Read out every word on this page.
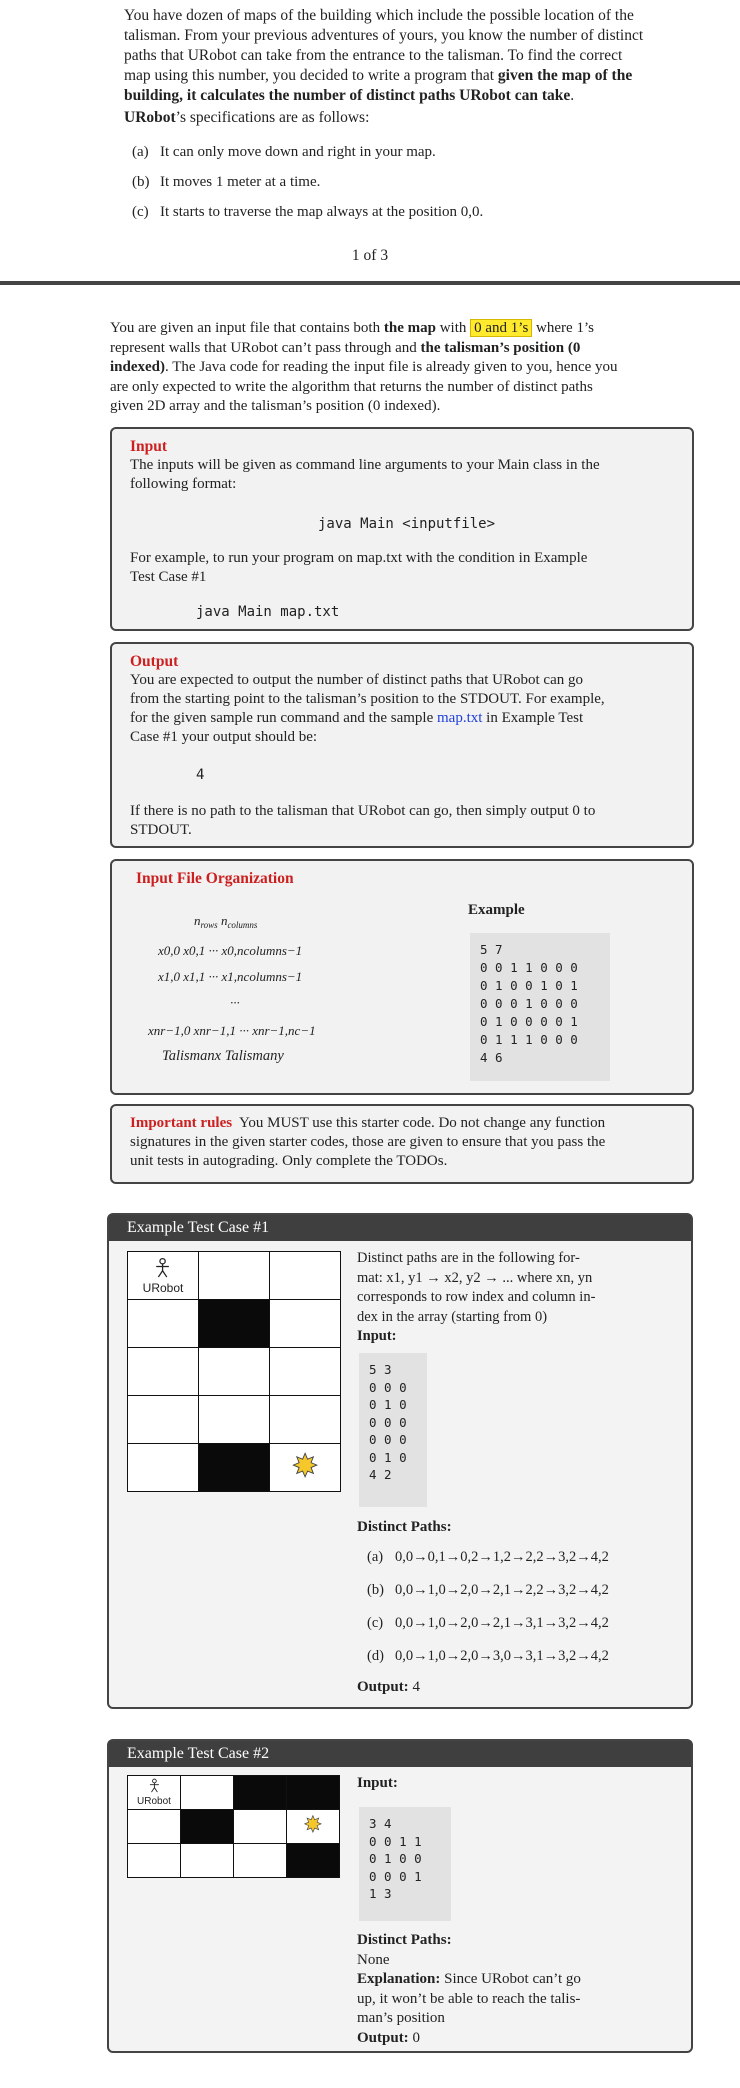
You have dozen of maps of the building which include the possible location of the
talisman. From your previous adventures of yours, you know the number of distinct
paths that URobot can take from the entrance to the talisman. To find the correct
map using this number, you decided to write a program that given the map of the
building, it calculates the number of distinct paths URobot can take.
URobot’s specifications are as follows:
(a) It can only move down and right in your map.
(b) It moves 1 meter at a time.
(c) It starts to traverse the map always at the position 0,0.
1 of 3
You are given an input file that contains both the map with 0 and 1’s where 1’s
represent walls that URobot can’t pass through and the talisman’s position (0
indexed). The Java code for reading the input file is already given to you, hence you
are only expected to write the algorithm that returns the number of distinct paths
given 2D array and the talisman’s position (0 indexed).
Input
The inputs will be given as command line arguments to your Main class in the
following format:
java Main <inputfile>
For example, to run your program on map.txt with the condition in Example
Test Case #1
java Main map.txt
Output
You are expected to output the number of distinct paths that URobot can go
from the starting point to the talisman’s position to the STDOUT. For example,
for the given sample run command and the sample map.txt in Example Test
Case #1 your output should be:
4
If there is no path to the talisman that URobot can go, then simply output 0 to
STDOUT.
Input File Organization
Example
$n_{rows}$ $n_{columns}$
x0,0 x0,1 ··· x0,ncolumns−1
x1,0 x1,1 ··· x1,ncolumns−1
···
xnr−1,0 xnr−1,1 ··· xnr−1,nc−1
Talismanx Talismany
5 7
0 0 1 1 0 0 0
0 1 0 0 1 0 1
0 0 0 1 0 0 0
0 1 0 0 0 0 1
0 1 1 1 0 0 0
4 6
Important rules You MUST use this starter code. Do not change any function
signatures in the given starter codes, those are given to ensure that you pass the
unit tests in autograding. Only complete the TODOs.
Example Test Case #1
URobot		

Distinct paths are in the following for-
mat: x1, y1 → x2, y2 → ... where xn, yn
corresponds to row index and column in-
dex in the array (starting from 0)
Input:
5 3
0 0 0
0 1 0
0 0 0
0 0 0
0 1 0
4 2
Distinct Paths:
(a) 0,0→0,1→0,2→1,2→2,2→3,2→4,2
(b) 0,0→1,0→2,0→2,1→2,2→3,2→4,2
(c) 0,0→1,0→2,0→2,1→3,1→3,2→4,2
(d) 0,0→1,0→2,0→3,0→3,1→3,2→4,2
Output: 4
Example Test Case #2
URobot			

Input:
3 4
0 0 1 1
0 1 0 0
0 0 0 1
1 3
Distinct Paths:
None
Explanation: Since URobot can’t go
up, it won’t be able to reach the talis-
man’s position
Output: 0
